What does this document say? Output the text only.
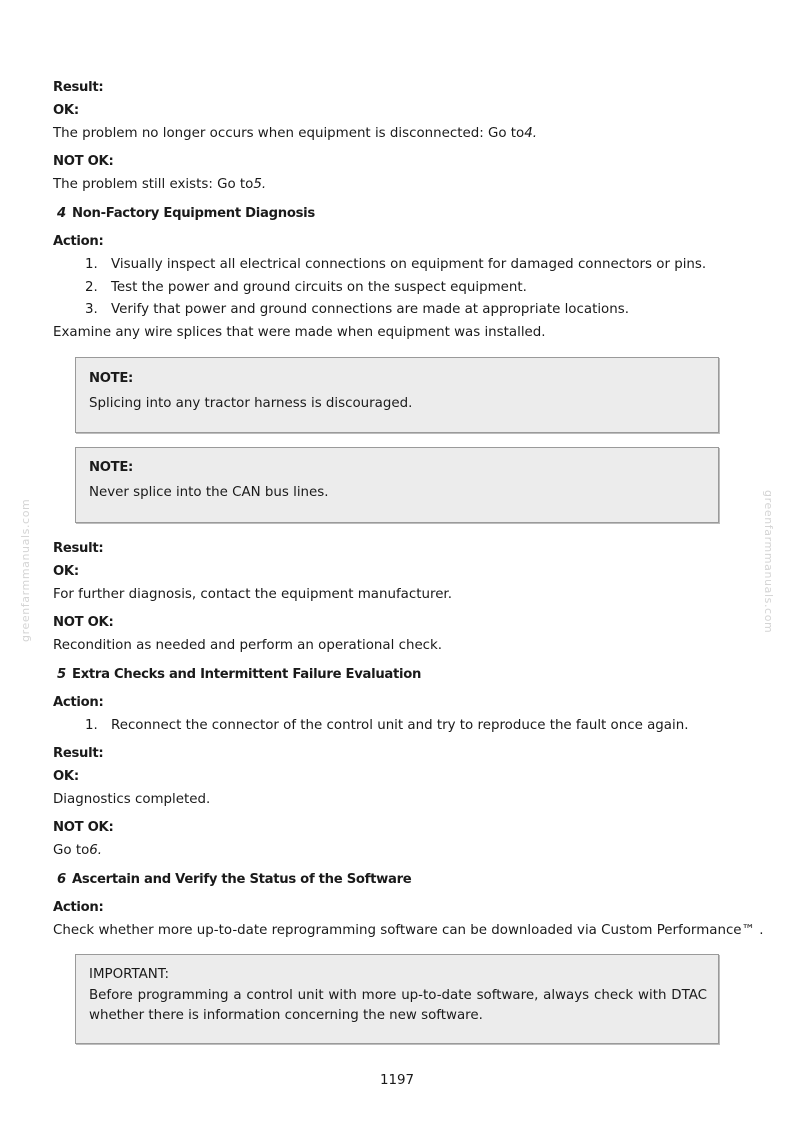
Result:
OK:
The problem no longer occurs when equipment is disconnected: Go to4.
NOT OK:
The problem still exists: Go to5.
4 Non-Factory Equipment Diagnosis
Action:
1. Visually inspect all electrical connections on equipment for damaged connectors or pins.
2. Test the power and ground circuits on the suspect equipment.
3. Verify that power and ground connections are made at appropriate locations.
Examine any wire splices that were made when equipment was installed.
NOTE:
Splicing into any tractor harness is discouraged.
NOTE:
Never splice into the CAN bus lines.
Result:
OK:
For further diagnosis, contact the equipment manufacturer.
NOT OK:
Recondition as needed and perform an operational check.
5 Extra Checks and Intermittent Failure Evaluation
Action:
1. Reconnect the connector of the control unit and try to reproduce the fault once again.
Result:
OK:
Diagnostics completed.
NOT OK:
Go to6.
6 Ascertain and Verify the Status of the Software
Action:
Check whether more up-to-date reprogramming software can be downloaded via Custom Performance™ .
IMPORTANT:
Before programming a control unit with more up-to-date software, always check with DTAC whether there is information concerning the new software.
greenfarmmanuals.com	greenfarmmanuals.com
1197
